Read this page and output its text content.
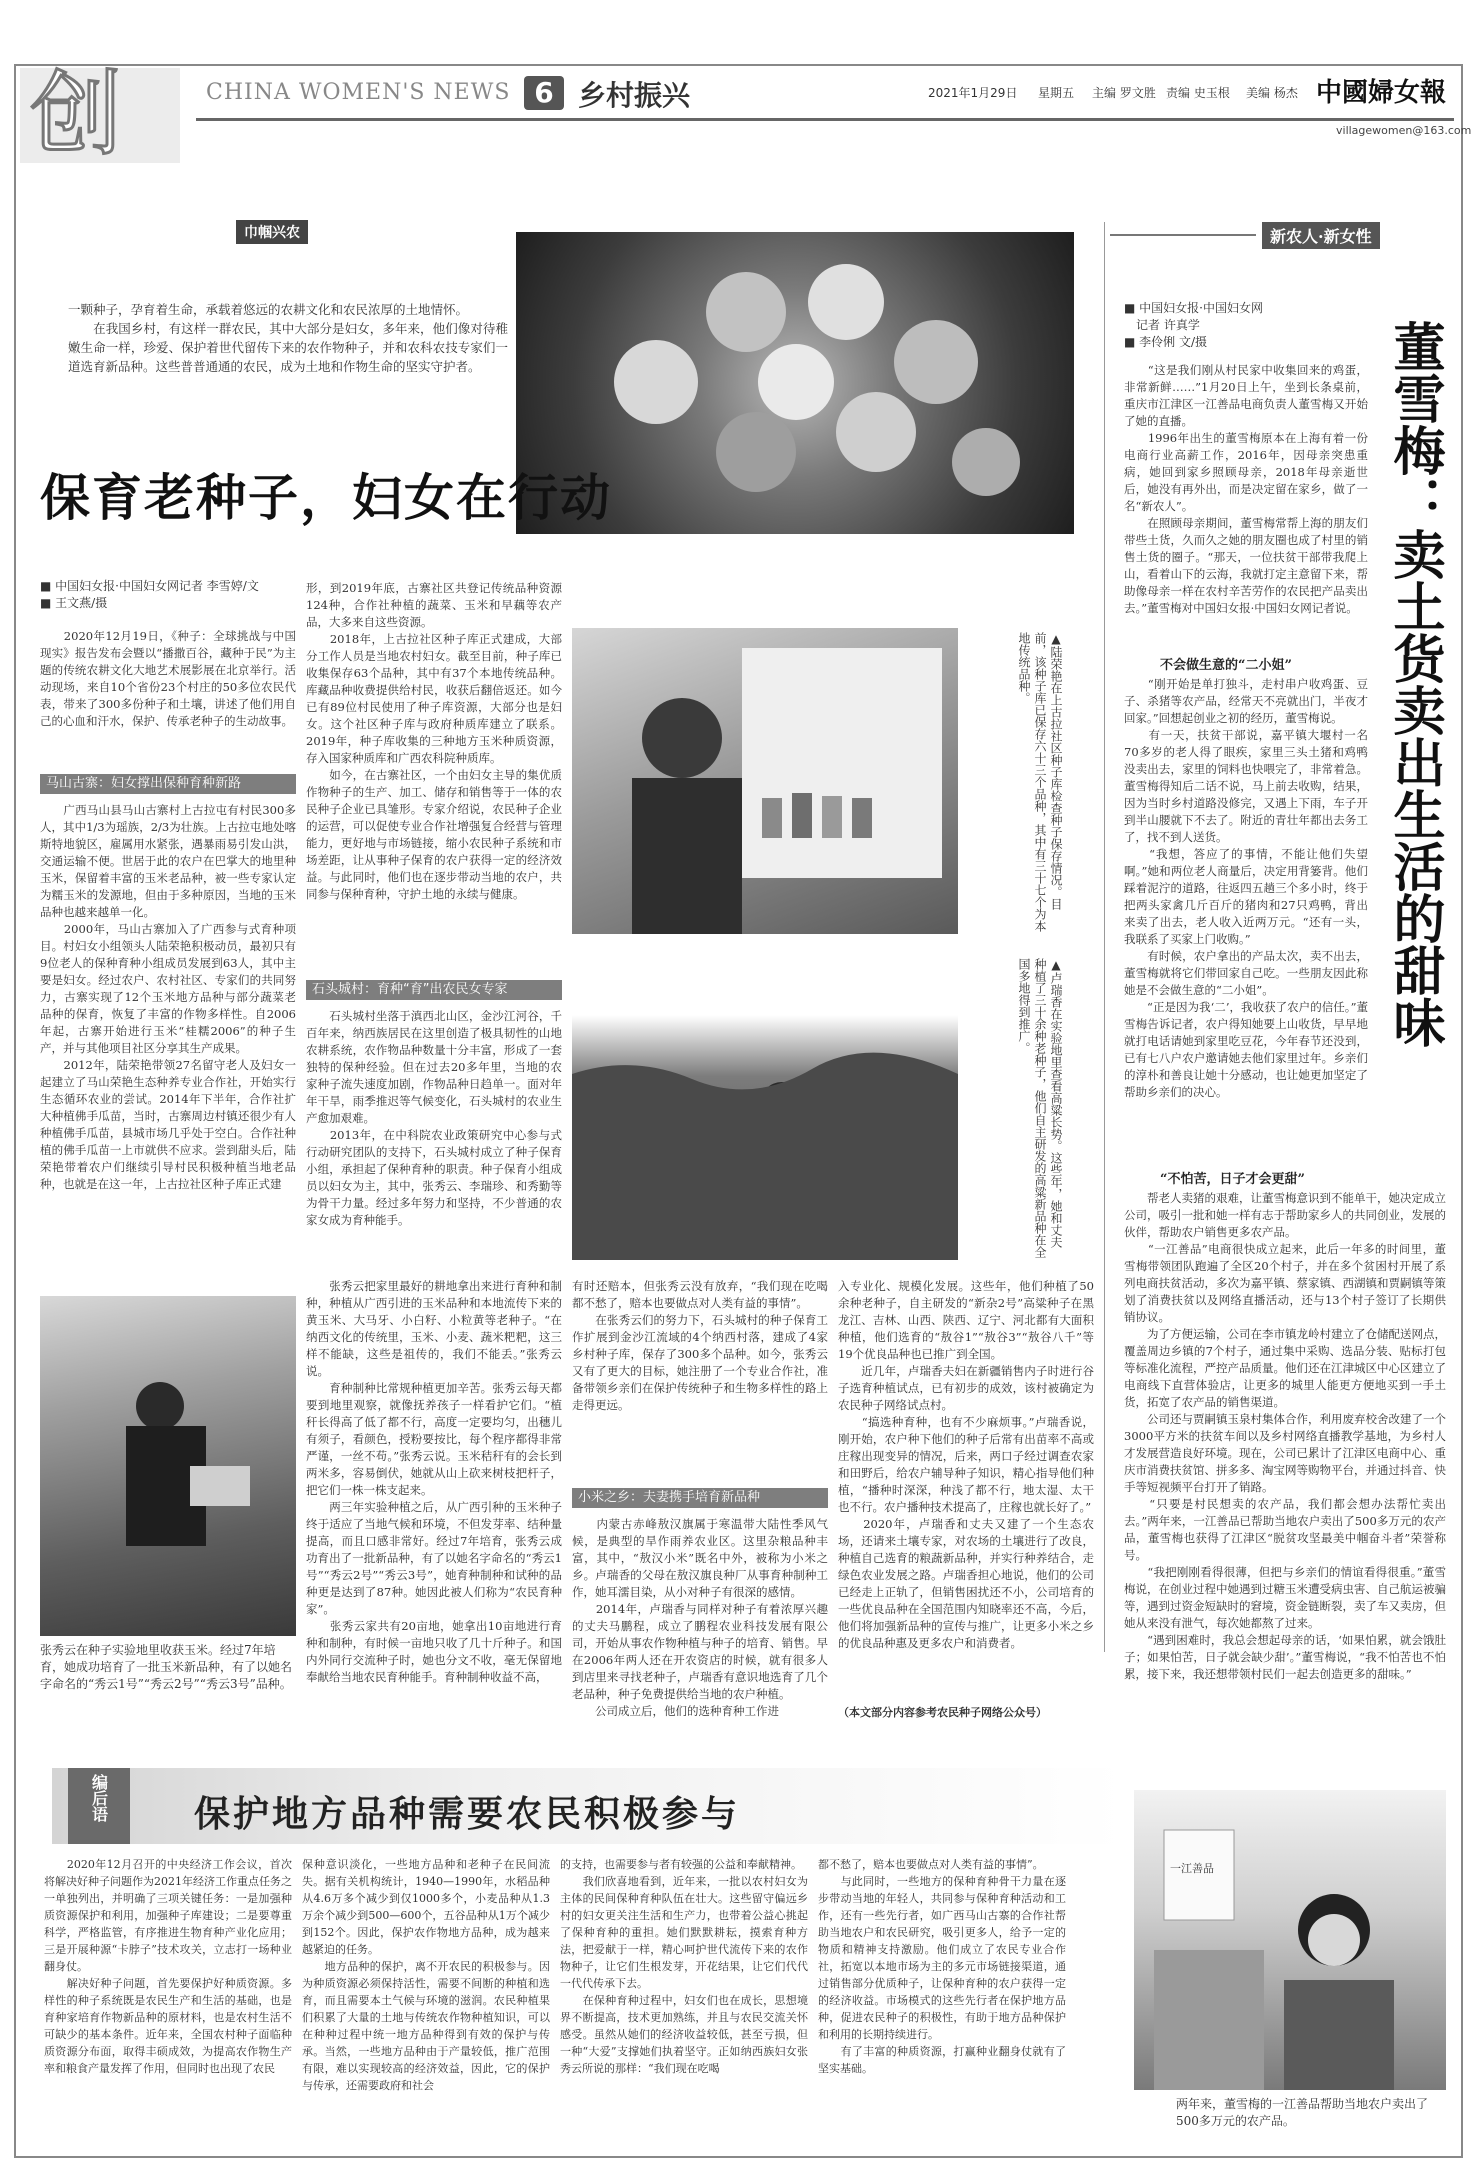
创	CHINA WOMEN'S NEWS 6 乡村振兴	2021年1月29日 星期五 主编 罗文胜 责编 史玉根 美编 杨杰 中國婦女報
villagewomen@163.com
巾帼兴农
一颗种子，孕育着生命，承载着悠远的农耕文化和农民浓厚的土地情怀。
　　在我国乡村，有这样一群农民，其中大部分是妇女，多年来，他们像对待稚嫩生命一样，珍爱、保护着世代留传下来的农作物种子，并和农科农技专家们一道选育新品种。这些普普通通的农民，成为土地和作物生命的坚实守护者。
保育老种子，妇女在行动
■ 中国妇女报·中国妇女网记者 李雪婷/文
■ 王文燕/摄
　　2020年12月19日，《种子：全球挑战与中国现实》报告发布会暨以“播撒百谷，藏种于民”为主题的传统农耕文化大地艺术展影展在北京举行。活动现场，来自10个省份23个村庄的50多位农民代表，带来了300多份种子和土壤，讲述了他们用自己的心血和汗水，保护、传承老种子的生动故事。
马山古寨：妇女撑出保种育种新路
　　广西马山县马山古寨村上古拉屯有村民300多人，其中1/3为瑶族，2/3为壮族。上古拉屯地处喀斯特地貌区，雇属用水紧张，遇暴雨易引发山洪，交通运输不便。世居于此的农户在巴掌大的地里种玉米，保留着丰富的玉米老品种，被一些专家认定为糯玉米的发源地，但由于多种原因，当地的玉米品种也越来越单一化。
　　2000年，马山古寨加入了广西参与式育种项目。村妇女小组领头人陆荣艳积极动员，最初只有9位老人的保种育种小组成员发展到63人，其中主要是妇女。经过农户、农村社区、专家们的共同努力，古寨实现了12个玉米地方品种与部分蔬菜老品种的保育，恢复了丰富的作物多样性。自2006年起，古寨开始进行玉米“桂糯2006”的种子生产，并与其他项目社区分享其生产成果。
　　2012年，陆荣艳带领27名留守老人及妇女一起建立了马山荣艳生态种养专业合作社，开始实行生态循环农业的尝试。2014年下半年，合作社扩大种植佛手瓜苗，当时，古寨周边村镇还很少有人种植佛手瓜苗，县城市场几乎处于空白。合作社种植的佛手瓜苗一上市就供不应求。尝到甜头后，陆荣艳带着农户们继续引导村民积极种植当地老品种，也就是在这一年，上古拉社区种子库正式建
形，到2019年底，古寨社区共登记传统品种资源124种，合作社种植的蔬菜、玉米和早藕等农产品，大多来自这些资源。
　　2018年，上古拉社区种子库正式建成，大部分工作人员是当地农村妇女。截至目前，种子库已收集保存63个品种，其中有37个本地传统品种。库藏品种收费提供给村民，收获后翻倍返还。如今已有89位村民使用了种子库资源，大部分也是妇女。这个社区种子库与政府种质库建立了联系。2019年，种子库收集的三种地方玉米种质资源，存入国家种质库和广西农科院种质库。
　　如今，在古寨社区，一个由妇女主导的集优质作物种子的生产、加工、储存和销售等于一体的农民种子企业已具雏形。专家介绍说，农民种子企业的运营，可以促使专业合作社增强复合经营与管理能力，更好地与市场链接，缩小农民种子系统和市场差距，让从事种子保育的农户获得一定的经济效益。与此同时，他们也在逐步带动当地的农户，共同参与保种育种，守护土地的永续与健康。
石头城村：育种“育”出农民女专家
　　石头城村坐落于滇西北山区，金沙江河谷，千百年来，纳西族居民在这里创造了极具韧性的山地农耕系统，农作物品种数量十分丰富，形成了一套独特的保种经验。但在过去20多年里，当地的农家种子流失速度加剧，作物品种日趋单一。面对年年干旱，雨季推迟等气候变化，石头城村的农业生产愈加艰难。
　　2013年，在中科院农业政策研究中心参与式行动研究团队的支持下，石头城村成立了种子保育小组，承担起了保种育种的职责。种子保育小组成员以妇女为主，其中，张秀云、李瑞珍、和秀勤等为骨干力量。经过多年努力和坚持，不少普通的农家女成为育种能手。
▲陆荣艳在上古拉社区种子库检查种子保存情况。目前，该种子库已保存六十三个品种，其中有三十七个为本地传统品种。
▲卢瑞香在实验地里查看高粱长势。这些年，她和丈夫种植了三十余种老种子，他们自主研发的高粱新品种在全国多地得到推广。
张秀云在种子实验地里收获玉米。经过7年培育，她成功培育了一批玉米新品种，有了以她名字命名的“秀云1号”“秀云2号”“秀云3号”品种。
　　张秀云把家里最好的耕地拿出来进行育种和制种，种植从广西引进的玉米品种和本地流传下来的黄玉米、大马牙、小白籽、小粒黄等老种子。“在纳西文化的传统里，玉米、小麦、蔬米粑粑，这三样不能缺，这些是祖传的，我们不能丢。”张秀云说。
　　育种制种比常规种植更加辛苦。张秀云每天都要到地里观察，就像抚养孩子一样看护它们。“植秆长得高了低了都不行，高度一定要均匀，出穗儿有须子，看颜色，授粉要按比，每个程序都得非常严谨，一丝不苟。”张秀云说。玉米秸秆有的会长到两米多，容易倒伏，她就从山上砍来树枝把杆子，把它们一株一株支起来。
　　两三年实验种植之后，从广西引种的玉米种子终于适应了当地气候和环境，不但发芽率、结种量提高，而且口感非常好。经过7年培育，张秀云成功育出了一批新品种，有了以她名字命名的“秀云1号”“秀云2号”“秀云3号”，她育种制种和试种的品种更是达到了87种。她因此被人们称为“农民育种家”。
　　张秀云家共有20亩地，她拿出10亩地进行育种和制种，有时候一亩地只收了几十斤种子。和国内外同行交流种子时，她也分文不收，毫无保留地奉献给当地农民育种能手。育种制种收益不高，
有时还赔本，但张秀云没有放弃，“我们现在吃喝都不愁了，赔本也要做点对人类有益的事情”。
　　在张秀云们的努力下，石头城村的种子保育工作扩展到金沙江流域的4个纳西村落，建成了4家乡村种子库，保存了300多个品种。如今，张秀云又有了更大的目标，她注册了一个专业合作社，准备带领乡亲们在保护传统种子和生物多样性的路上走得更远。
小米之乡：夫妻携手培育新品种
　　内蒙古赤峰敖汉旗属于寒温带大陆性季风气候，是典型的旱作雨养农业区。这里杂粮品种丰富，其中，“敖汉小米”既名中外，被称为小米之乡。卢瑞香的父母在敖汉旗良种厂从事育种制种工作，她耳濡目染，从小对种子有很深的感情。
　　2014年，卢瑞香与同样对种子有着浓厚兴趣的丈夫马鹏程，成立了鹏程农业科技发展有限公司，开始从事农作物种植与种子的培育、销售。早在2006年两人还在开农资店的时候，就有很多人到店里来寻找老种子，卢瑞香有意识地选育了几个老品种，种子免费提供给当地的农户种植。
　　公司成立后，他们的选种育种工作进
入专业化、规模化发展。这些年，他们种植了50余种老种子，自主研发的“新杂2号”高粱种子在黑龙江、吉林、山西、陕西、辽宁、河北都有大面积种植，他们选育的“敖谷1”“敖谷3”“敖谷八千”等19个优良品种也已推广到全国。
　　近几年，卢瑞香夫妇在新疆销售内子时进行谷子选育种植试点，已有初步的成效，该村被确定为农民种子网络试点村。
　　“搞选种育种，也有不少麻烦事。”卢瑞香说，刚开始，农户种下他们的种子后常有出苗率不高或庄稼出现变异的情况，后来，两口子经过调查农家和田野后，给农户辅导种子知识，精心指导他们种植，“播种时深深，种浅了都不行，地太湿、太干也不行。农户播种技术提高了，庄稼也就长好了。”
　　2020年，卢瑞香和丈夫又建了一个生态农场，还请来土壤专家，对农场的土壤进行了改良，种植自己选育的粮蔬新品种，并实行种养结合，走绿色农业发展之路。卢瑞香担心地说，他们的公司已经走上正轨了，但销售困扰还不小，公司培育的一些优良品种在全国范围内知晓率还不高，今后，他们将加强新品种的宣传与推广，让更多小米之乡的优良品种惠及更多农户和消费者。
（本文部分内容参考农民种子网络公众号）
新农人·新女性
■ 中国妇女报·中国妇女网
　记者 许真学
■ 李伶俐 文/摄	董雪梅：卖土货卖出生活的甜味
　　“这是我们刚从村民家中收集回来的鸡蛋，非常新鲜……”1月20日上午，坐到长条桌前，重庆市江津区一江善品电商负责人董雪梅又开始了她的直播。
　　1996年出生的董雪梅原本在上海有着一份电商行业高薪工作，2016年，因母亲突患重病，她回到家乡照顾母亲，2018年母亲逝世后，她没有再外出，而是决定留在家乡，做了一名“新农人”。
　　在照顾母亲期间，董雪梅常帮上海的朋友们带些土货，久而久之她的朋友圈也成了村里的销售土货的圈子。“那天，一位扶贫干部带我爬上山，看着山下的云海，我就打定主意留下来，帮助像母亲一样在农村辛苦劳作的农民把产品卖出去。”董雪梅对中国妇女报·中国妇女网记者说。
不会做生意的“二小姐”
　　“刚开始是单打独斗，走村串户收鸡蛋、豆子、杀猪等农产品，经常天不亮就出门，半夜才回家。”回想起创业之初的经历，董雪梅说。
　　有一天，扶贫干部说，嘉平镇大堰村一名70多岁的老人得了眼疾，家里三头土猪和鸡鸭没卖出去，家里的饲料也快喂完了，非常着急。董雪梅得知后二话不说，马上前去收购，结果，因为当时乡村道路没修完，又遇上下雨，车子开到半山腰就下不去了。附近的青壮年都出去务工了，找不到人送货。
　　“我想，答应了的事情，不能让他们失望啊。”她和两位老人商量后，决定用背篓背。他们踩着泥泞的道路，往返四五趟三个多小时，终于把两头家禽几斤百斤的猪肉和27只鸡鸭，背出来卖了出去，老人收入近两万元。“还有一头，我联系了买家上门收购。”
　　有时候，农户拿出的产品太次，卖不出去，董雪梅就将它们带回家自己吃。一些朋友因此称她是不会做生意的“二小姐”。
　　“正是因为我‘二’，我收获了农户的信任。”董雪梅告诉记者，农户得知她要上山收货，早早地就打电话请她到家里吃豆花，今年春节还没到，已有七八户农户邀请她去他们家里过年。乡亲们的淳朴和善良让她十分感动，也让她更加坚定了帮助乡亲们的决心。
“不怕苦，日子才会更甜”
　　帮老人卖猪的艰难，让董雪梅意识到不能单干，她决定成立公司，吸引一批和她一样有志于帮助家乡人的共同创业，发展的伙伴，帮助农户销售更多农产品。
　　“一江善品”电商很快成立起来，此后一年多的时间里，董雪梅带领团队跑遍了全区20个村子，并在多个贫困村开展了系列电商扶贫活动，多次为嘉平镇、蔡家镇、西湖镇和贾嗣镇等策划了消费扶贫以及网络直播活动，还与13个村子签订了长期供销协议。
　　为了方便运输，公司在李市镇龙岭村建立了仓储配送网点，覆盖周边乡镇的7个村子，通过集中采购、选品分装、贴标打包等标准化流程，严控产品质量。他们还在江津城区中心区建立了电商线下直营体验店，让更多的城里人能更方便地买到一手土货，拓宽了农产品的销售渠道。
　　公司还与贾嗣镇玉泉村集体合作，利用废弃校舍改建了一个3000平方米的扶贫车间以及乡村网络直播教学基地，为乡村人才发展营造良好环境。现在，公司已累计了江津区电商中心、重庆市消费扶贫馆、拼多多、淘宝网等购物平台，并通过抖音、快手等短视频平台打开了销路。
　　“只要是村民想卖的农产品，我们都会想办法帮忙卖出去。”两年来，一江善品已帮助当地农户卖出了500多万元的农产品，董雪梅也获得了江津区“脱贫攻坚最美中帼奋斗者”荣誉称号。
　　“我把刚刚看得很薄，但把与乡亲们的情谊看得很重。”董雪梅说，在创业过程中她遇到过糖玉米遭受病虫害、自己航运被骗等，遇到过资金短缺时的窘境，资金链断裂，卖了车又卖房，但她从来没有泄气，每次她都熬了过来。
　　“遇到困难时，我总会想起母亲的话，‘如果怕累，就会饿肚子；如果怕苦，日子就会缺少甜’。”董雪梅说，“我不怕苦也不怕累，接下来，我还想带领村民们一起去创造更多的甜味。”
编后语 保护地方品种需要农民积极参与
　　2020年12月召开的中央经济工作会议，首次将解决好种子问题作为2021年经济工作重点任务之一单独列出，并明确了三项关键任务：一是加强种质资源保护和利用，加强种子库建设；二是要尊重科学，严格监管，有序推进生物育种产业化应用；三是开展种源“卡脖子”技术攻关，立志打一场种业翻身仗。
　　解决好种子问题，首先要保护好种质资源。多样性的种子系统既是农民生产和生活的基础，也是育种家培育作物新品种的原材料，也是农村生活不可缺少的基本条件。近年来，全国农村种子面临种质资源分布面，取得丰硕成效，为提高农作物生产率和粮食产量发挥了作用，但同时也出现了农民
保种意识淡化，一些地方品种和老种子在民间流失。据有关机构统计，1940—1990年，水稻品种从4.6万多个减少到仅1000多个，小麦品种从1.3万余个减少到500—600个，五谷品种从1万个减少到152个。因此，保护农作物地方品种，成为越来越紧迫的任务。
　　地方品种的保护，离不开农民的积极参与。因为种质资源必须保持活性，需要不间断的种植和选育，而且需要本土气候与环境的滋润。农民种植果们积累了大量的土地与传统农作物种植知识，可以在种种过程中统一地方品种得到有效的保护与传承。当然，一些地方品种由于产量较低，推广范围有限，难以实现较高的经济效益，因此，它的保护与传承，还需要政府和社会
的支持，也需要参与者有较强的公益和奉献精神。
　　我们欣喜地看到，近年来，一批以农村妇女为主体的民间保种育种队伍在壮大。这些留守偏远乡村的妇女更关注生活和生产力，也带着公益心挑起了保种育种的重担。她们默默耕耘，摸索育种方法，把爱献于一样，精心呵护世代流传下来的农作物种子，让它们生根发芽，开花结果，让它们代代一代代传承下去。
　　在保种育种过程中，妇女们也在成长，思想境界不断提高，技术更加熟练，并且与农民交流关怀感受。虽然从她们的经济收益较低，甚至亏损，但一种“大爱”支撑她们执着坚守。正如纳西族妇女张秀云所说的那样：“我们现在吃喝
都不愁了，赔本也要做点对人类有益的事情”。
　　与此同时，一些地方的保种育种骨干力量在逐步带动当地的年轻人，共同参与保种育种活动和工作，还有一些先行者，如广西马山古寨的合作社帮助当地农户和农民研究，吸引更多人，给予一定的物质和精神支持激励。他们成立了农民专业合作社，拓宽以本地市场为主的多元市场链接渠道，通过销售部分优质种子，让保种育种的农户获得一定的经济收益。市场模式的这些先行者在保护地方品种，促进农民种子的积极性，有助于地方品种保护和利用的长期持续进行。
　　有了丰富的种质资源，打赢种业翻身仗就有了坚实基础。
一江善品
两年来，董雪梅的一江善品帮助当地农户卖出了500多万元的农产品。
